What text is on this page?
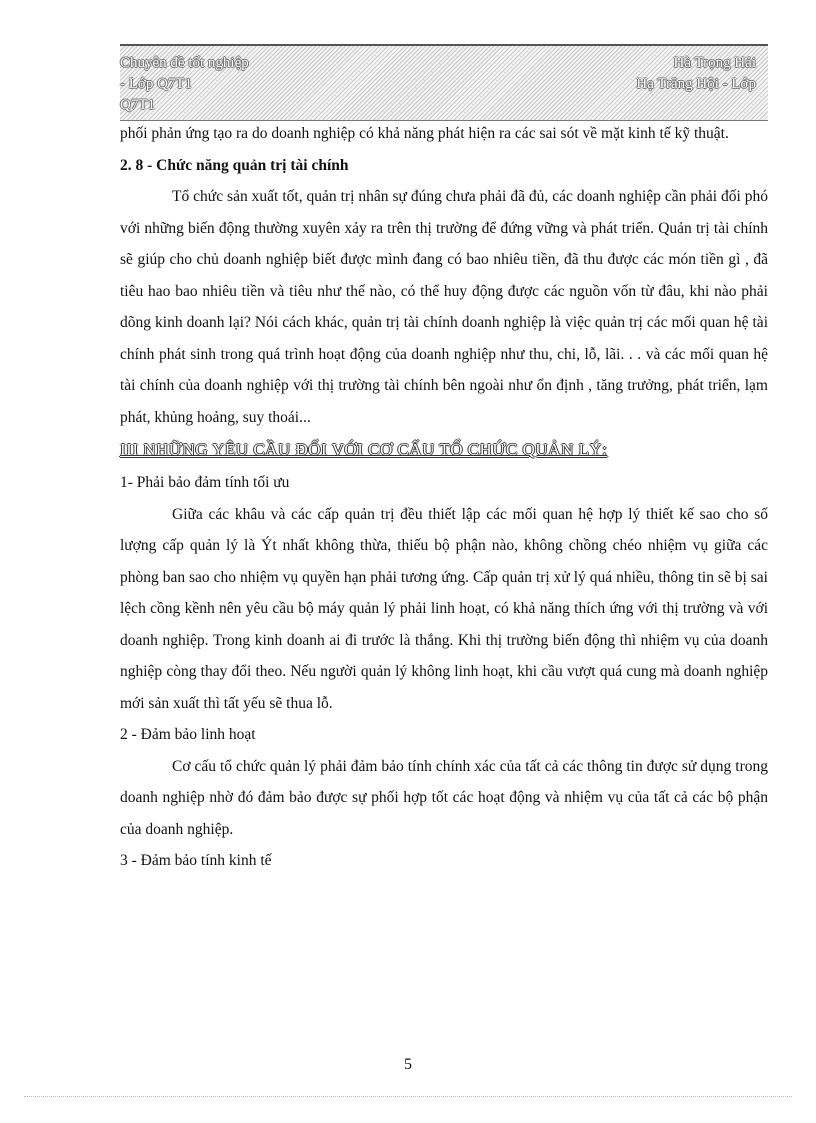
Chuyên đề tốt nghiệp	Hà Trọng Hải
- Lớp Q7T1	Hạ Trăng Hội - Lớp
Q7T1

phối phản ứng tạo ra do doanh nghiệp có khả năng phát hiện ra các sai sót về mặt kinh tế kỹ thuật.

2. 8 - Chức năng quản trị tài chính

Tổ chức sản xuất tốt, quản trị nhân sự đúng chưa phải đã đủ, các doanh nghiệp cần phải đối phó với những biến động thường xuyên xảy ra trên thị trường để đứng vững và phát triển. Quản trị tài chính sẽ giúp cho chủ doanh nghiệp biết được mình đang có bao nhiêu tiền, đã thu được các món tiền gì , đã tiêu hao bao nhiêu tiền và tiêu như thế nào, có thể huy động được các nguồn vốn từ đâu, khi nào phải dõng kinh doanh lại? Nói cách khác, quản trị tài chính doanh nghiệp là việc quản trị các mối quan hệ tài chính phát sinh trong quá trình hoạt động của doanh nghiệp như thu, chi, lỗ, lãi. . . và các mối quan hệ tài chính của doanh nghiệp với thị trường tài chính bên ngoài như ổn định , tăng trưởng, phát triển, lạm phát, khủng hoảng, suy thoái...

III NHỮNG YÊU CẦU ĐỐI VỚI CƠ CẤU TỔ CHỨC QUẢN LÝ:

1- Phải bảo đảm tính tối ưu

Giữa các khâu và các cấp quản trị đều thiết lập các mối quan hệ hợp lý thiết kế sao cho số lượng cấp quản lý là Ýt nhất không thừa, thiếu bộ phận nào, không chồng chéo nhiệm vụ giữa các phòng ban sao cho nhiệm vụ quyền hạn phải tương ứng. Cấp quản trị xử lý quá nhiều, thông tin sẽ bị sai lệch cồng kềnh nên yêu cầu bộ máy quản lý phải linh hoạt, có khả năng thích ứng với thị trường và với doanh nghiệp. Trong kinh doanh ai đi trước là thắng. Khi thị trường biến động thì nhiệm vụ của doanh nghiệp còng thay đổi theo. Nếu người quản lý không linh hoạt, khi cầu vượt quá cung mà doanh nghiệp mới sản xuất thì tất yếu sẽ thua lỗ.

2 - Đảm bảo linh hoạt

Cơ cấu tổ chức quản lý phải đảm bảo tính chính xác của tất cả các thông tin được sử dụng trong doanh nghiệp nhờ đó đảm bảo được sự phối hợp tốt các hoạt động và nhiệm vụ của tất cả các bộ phận của doanh nghiệp.

3 - Đảm bảo tính kinh tế

5
